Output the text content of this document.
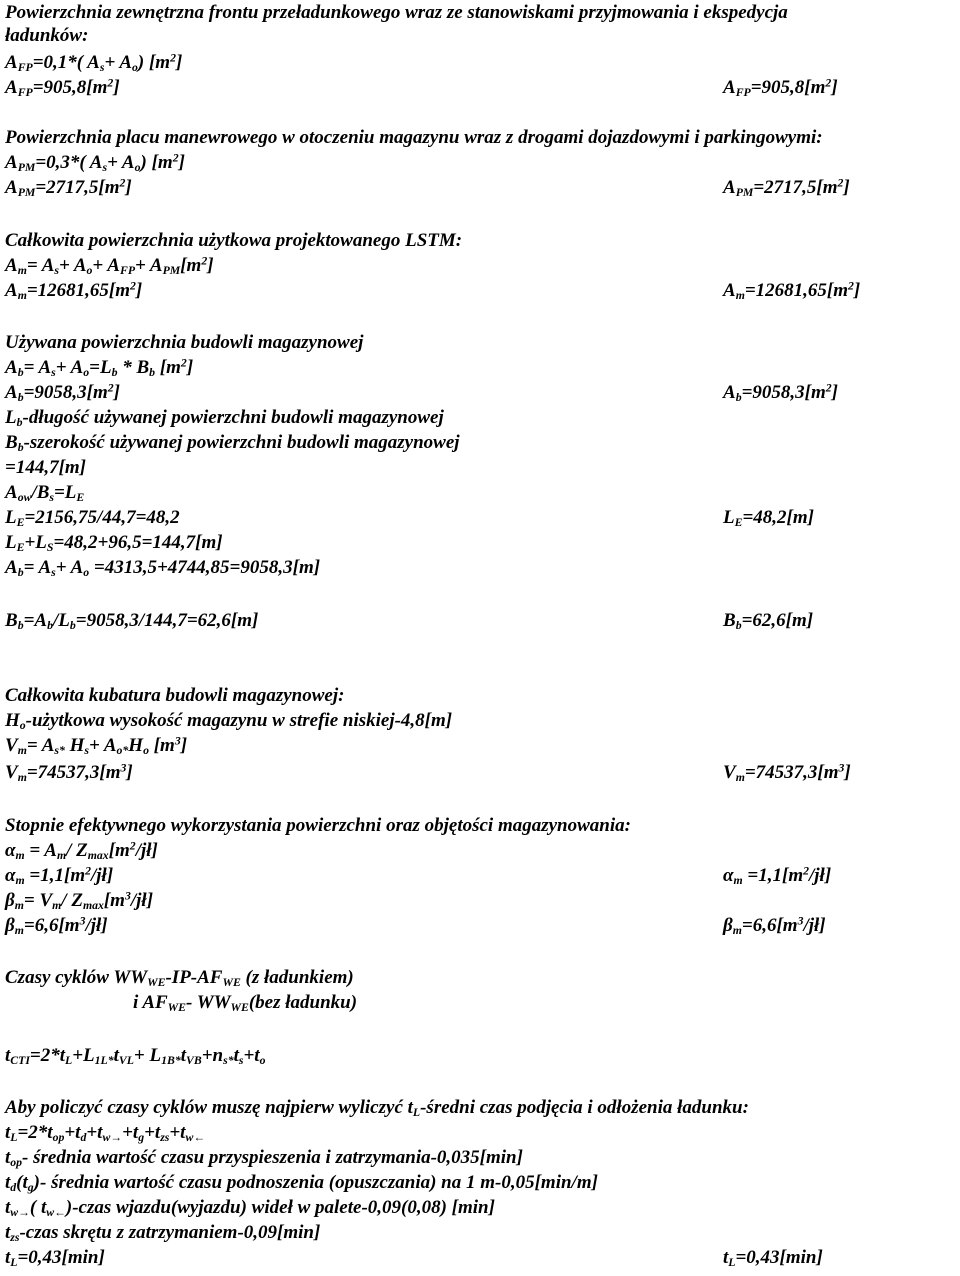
Powierzchnia zewnętrzna frontu przeładunkowego wraz ze stanowiskami przyjmowania i ekspedycja
ładunków:
$A_{FP}=0,1*$( $A_s+ A_o$) $[m^2]$
$A_{FP}=905,8[m^2]$	$A_{FP}=905,8[m^2]$
Powierzchnia placu manewrowego w otoczeniu magazynu wraz z drogami dojazdowymi i parkingowymi:
$A_{PM}=0,3*$( $A_s+ A_o$) $[m^2]$
$A_{PM}=2717,5[m^2]$	$A_{PM}=2717,5[m^2]$
Całkowita powierzchnia użytkowa projektowanego LSTM:
$A_m= A_s+ A_o+ A_{FP}+ A_{PM}[m^2]$
$A_m=12681,65[m^2]$	$A_m=12681,65[m^2]$
Używana powierzchnia budowli magazynowej
$A_b= A_s+ A_o=L_b * B_b$ $[m^2]$
$A_b=9058,3[m^2]$	$A_b=9058,3[m^2]$
$L_b$-długość używanej powierzchni budowli magazynowej
$B_b$-szerokość używanej powierzchni budowli magazynowej
=144,7[m]
$A_{ow}/B_s=L_E$
$L_E=2156,75/44,7=48,2$	$L_E=48,2[m]$
$L_E+L_S=48,2+96,5=144,7[m]$
$A_b= A_s+ A_o =4313,5+4744,85=9058,3[m]$
$B_b=A_b/L_b=9058,3/144,7=62,6[m]$	$B_b=62,6[m]$
Całkowita kubatura budowli magazynowej:
$H_o$-użytkowa wysokość magazynu w strefie niskiej-4,8[m]
$V_m= A_{s*}$ $H_s+ A_{o*}H_o$ $[m^3]$
$V_m=74537,3[m^3]$	$V_m=74537,3[m^3]$
Stopnie efektywnego wykorzystania powierzchni oraz objętości magazynowania:
$\alpha_m = A_m/$ $Z_{max}[m^2/jł]$
$\alpha_m$ $=1,1[m^2/jł]$	$\alpha_m$ $=1,1[m^2/jł]$
$\beta_m= V_m/$ $Z_{max}[m^3/jł]$
$\beta_m=6,6[m^3/jł]$	$\beta_m=6,6[m^3/jł]$
Czasy cyklów $WW_{WE}-IP-AF_{WE}$ (z ładunkiem)
i $AF_{WE}-$ $WW_{WE}(bez$ ładunku)
$t_{CTI}=2*t_L+L_{1L*}t_{VL}+ L_{1B*}t_{VB}+n_{s*}t_s+t_o$
Aby policzyć czasy cyklów muszę najpierw wyliczyć $t_L$-średni czas podjęcia i odłożenia ładunku:
$t_L=2*t_{op}+t_d+t_{w\to}+t_g+t_{zs}+t_{w\leftarrow}$
$t_{op}-$ średnia wartość czasu przyspieszenia i zatrzymania-0,035[min]
$t_d(t_g)-$ średnia wartość czasu podnoszenia (opuszczania) na 1 m-0,05[min/m]
$t_{w\to}$( $t_{w\leftarrow}$)-czas wjazdu(wyjazdu) wideł w palete-0,09(0,08) [min]
$t_{zs}$-czas skrętu z zatrzymaniem-0,09[min]
$t_L=0,43[\min]$	$t_L=0,43[\min]$
